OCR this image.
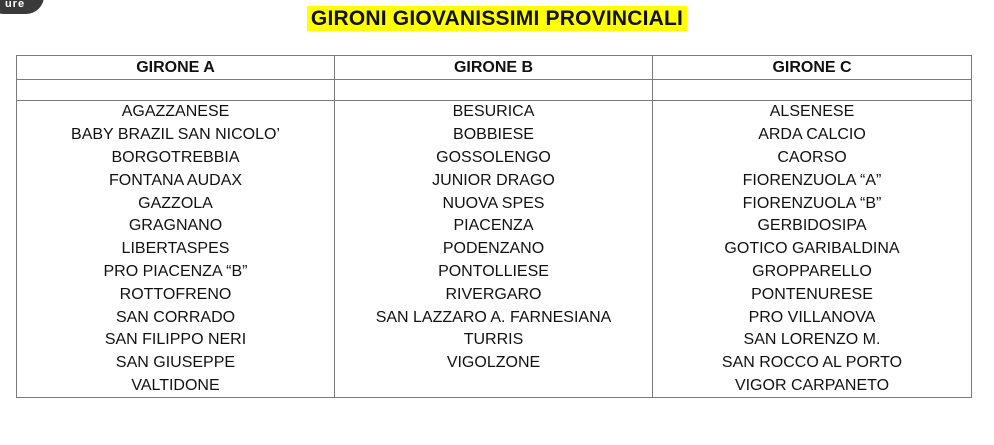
ure
GIRONI GIOVANISSIMI PROVINCIALI
GIRONE A	GIRONE B	GIRONE C

AGAZZANESE	BESURICA	ALSENESE
BABY BRAZIL SAN NICOLO’	BOBBIESE	ARDA CALCIO
BORGOTREBBIA	GOSSOLENGO	CAORSO
FONTANA AUDAX	JUNIOR DRAGO	FIORENZUOLA “A”
GAZZOLA	NUOVA SPES	FIORENZUOLA “B”
GRAGNANO	PIACENZA	GERBIDOSIPA
LIBERTASPES	PODENZANO	GOTICO GARIBALDINA
PRO PIACENZA “B”	PONTOLLIESE	GROPPARELLO
ROTTOFRENO	RIVERGARO	PONTENURESE
SAN CORRADO	SAN LAZZARO A. FARNESIANA	PRO VILLANOVA
SAN FILIPPO NERI	TURRIS	SAN LORENZO M.
SAN GIUSEPPE	VIGOLZONE	SAN ROCCO AL PORTO
VALTIDONE		VIGOR CARPANETO
